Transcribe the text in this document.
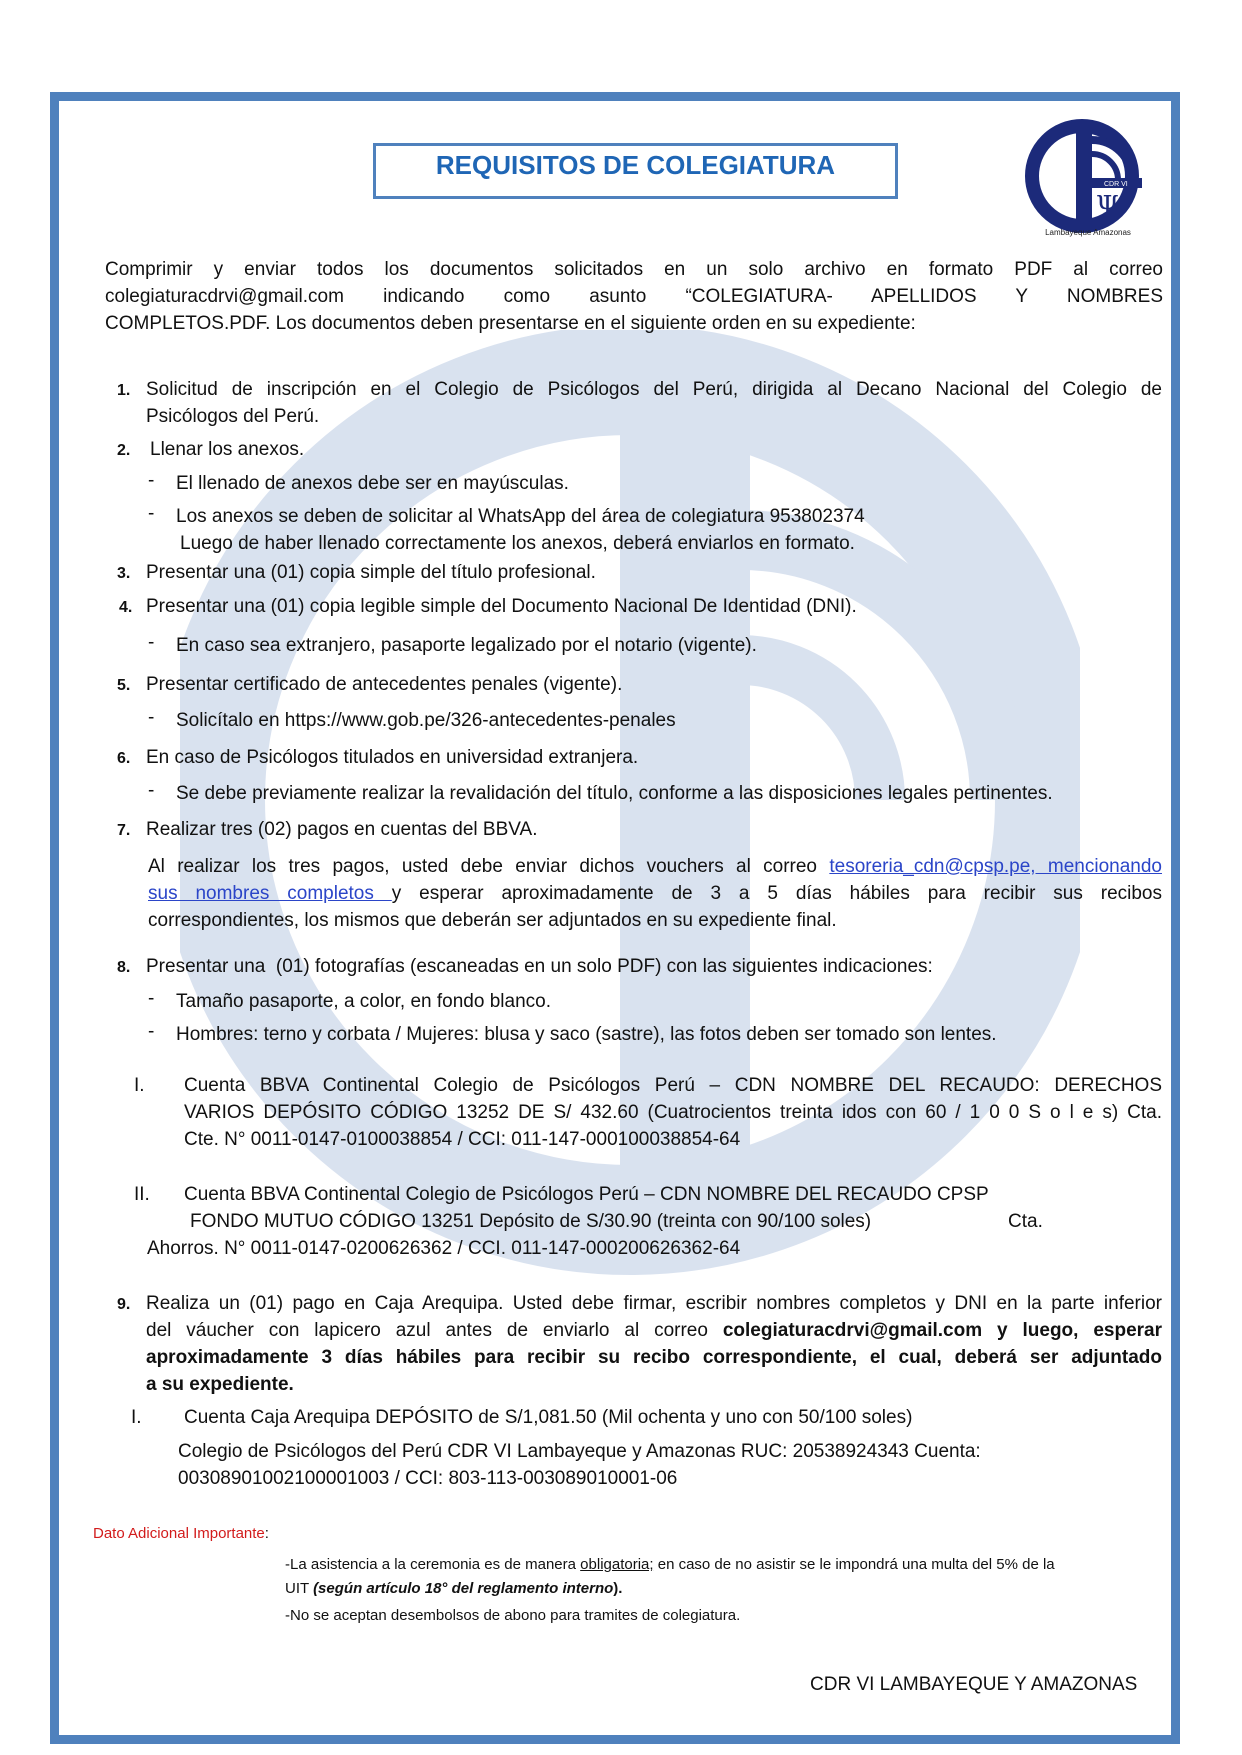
REQUISITOS DE COLEGIATURA
CDR VI
Ψ
Lambayeque Amazonas
Comprimir y enviar todos los documentos solicitados en un solo archivo en formato PDF al correo
colegiaturacdrvi@gmail.com indicando como asunto “COLEGIATURA- APELLIDOS Y NOMBRES
COMPLETOS.PDF. Los documentos deben presentarse en el siguiente orden en su expediente:
1. Solicitud de inscripción en el Colegio de Psicólogos del Perú, dirigida al Decano Nacional del Colegio de
Psicólogos del Perú.
2. Llenar los anexos.
- El llenado de anexos debe ser en mayúsculas.
- Los anexos se deben de solicitar al WhatsApp del área de colegiatura 953802374
Luego de haber llenado correctamente los anexos, deberá enviarlos en formato.
3. Presentar una (01) copia simple del título profesional.
4. Presentar una (01) copia legible simple del Documento Nacional De Identidad (DNI).
- En caso sea extranjero, pasaporte legalizado por el notario (vigente).
5. Presentar certificado de antecedentes penales (vigente).
- Solicítalo en https://www.gob.pe/326-antecedentes-penales
6. En caso de Psicólogos titulados en universidad extranjera.
- Se debe previamente realizar la revalidación del título, conforme a las disposiciones legales pertinentes.
7. Realizar tres (02) pagos en cuentas del BBVA.
Al realizar los tres pagos, usted debe enviar dichos vouchers al correo tesoreria_cdn@cpsp.pe, mencionando
sus nombres completos y esperar aproximadamente de 3 a 5 días hábiles para recibir sus recibos
correspondientes, los mismos que deberán ser adjuntados en su expediente final.
8. Presentar una  (01) fotografías (escaneadas en un solo PDF) con las siguientes indicaciones:
- Tamaño pasaporte, a color, en fondo blanco.
- Hombres: terno y corbata / Mujeres: blusa y saco (sastre), las fotos deben ser tomado son lentes.
I. Cuenta BBVA Continental Colegio de Psicólogos Perú – CDN NOMBRE DEL RECAUDO: DERECHOS
VARIOS DEPÓSITO CÓDIGO 13252 DE S/ 432.60 (Cuatrocientos treinta idos con 60 / 1 0 0 S o l e s) Cta.
Cte. N° 0011-0147-0100038854 / CCI: 011-147-000100038854-64
II. Cuenta BBVA Continental Colegio de Psicólogos Perú – CDN NOMBRE DEL RECAUDO CPSP
FONDO MUTUO CÓDIGO 13251 Depósito de S/30.90 (treinta con 90/100 soles)	Cta.
Ahorros. N° 0011-0147-0200626362 / CCI. 011-147-000200626362-64
9. Realiza un (01) pago en Caja Arequipa. Usted debe firmar, escribir nombres completos y DNI en la parte inferior
del váucher con lapicero azul antes de enviarlo al correo colegiaturacdrvi@gmail.com y luego, esperar
aproximadamente 3 días hábiles para recibir su recibo correspondiente, el cual, deberá ser adjuntado
a su expediente.
I. Cuenta Caja Arequipa DEPÓSITO de S/1,081.50 (Mil ochenta y uno con 50/100 soles)
Colegio de Psicólogos del Perú CDR VI Lambayeque y Amazonas RUC: 20538924343 Cuenta:
00308901002100001003 / CCI: 803-113-003089010001-06
Dato Adicional Importante:
-La asistencia a la ceremonia es de manera obligatoria; en caso de no asistir se le impondrá una multa del 5% de la
UIT (según artículo 18° del reglamento interno).
-No se aceptan desembolsos de abono para tramites de colegiatura.
CDR VI LAMBAYEQUE Y AMAZONAS
